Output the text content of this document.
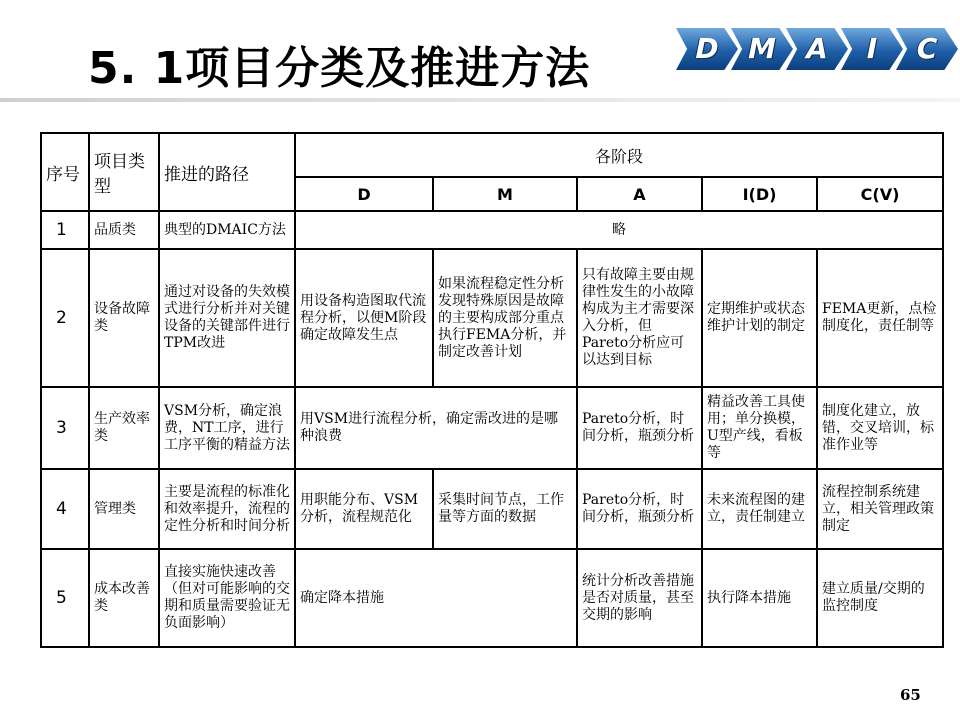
5. 1项目分类及推进方法	D	M	A	I	C
序号	项目类型	推进的路径	各阶段				
			D	M	A	I(D)	C(V)
1	品质类	典型的DMAIC方法	略				
2	设备故障类	通过对设备的失效模式进行分析并对关键设备的关键部件进行TPM改进	用设备构造图取代流程分析，以便M阶段确定故障发生点	如果流程稳定性分析发现特殊原因是故障的主要构成部分重点执行FEMA分析，并制定改善计划	只有故障主要由规律性发生的小故障构成为主才需要深入分析，但Pareto分析应可以达到目标	定期维护或状态维护计划的制定	FEMA更新，点检制度化，责任制等
3	生产效率类	VSM分析，确定浪费，NT工序，进行工序平衡的精益方法	用VSM进行流程分析，确定需改进的是哪种浪费		Pareto分析，时间分析，瓶颈分析	精益改善工具使用；单分换模，U型产线，看板等	制度化建立，放错，交叉培训，标准作业等
4	管理类	主要是流程的标准化和效率提升，流程的定性分析和时间分析	用职能分布、VSM分析，流程规范化	采集时间节点，工作量等方面的数据	Pareto分析，时间分析，瓶颈分析	未来流程图的建立，责任制建立	流程控制系统建立，相关管理政策制定
5	成本改善类	直接实施快速改善（但对可能影响的交期和质量需要验证无负面影响）	确定降本措施		统计分析改善措施是否对质量，甚至交期的影响	执行降本措施	建立质量/交期的监控制度
65
